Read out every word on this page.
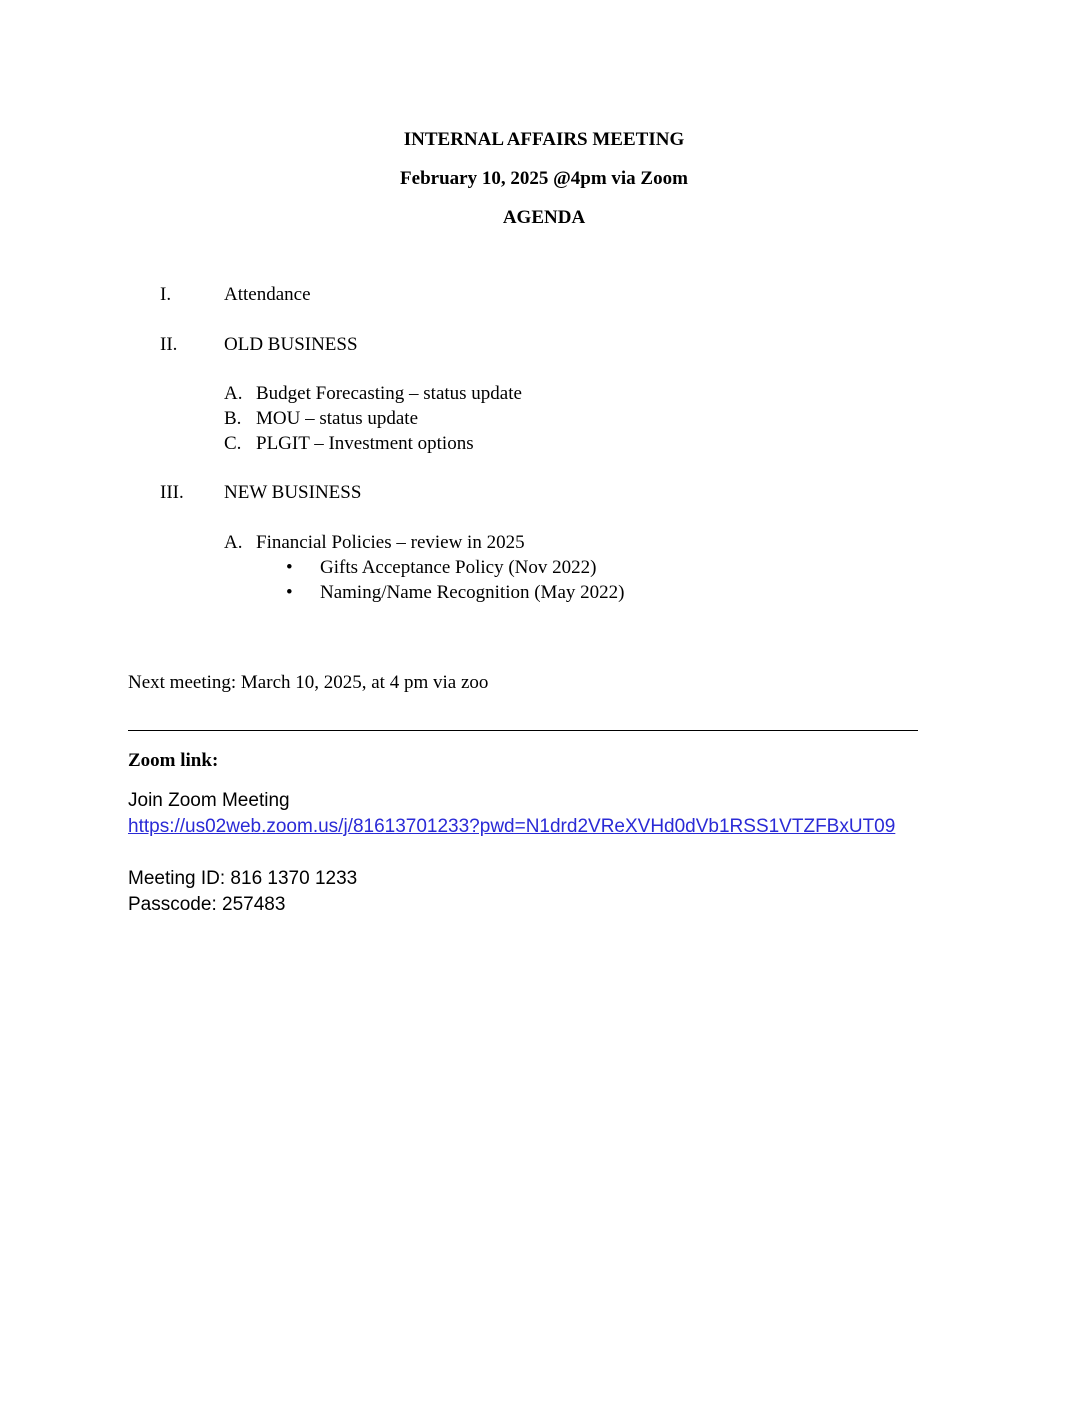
INTERNAL AFFAIRS MEETING
February 10, 2025 @4pm via Zoom
AGENDA
I.	Attendance
II. OLD BUSINESS
A. Budget Forecasting – status update
B. MOU – status update
C. PLGIT – Investment options
III. NEW BUSINESS
A. Financial Policies – review in 2025
• Gifts Acceptance Policy (Nov 2022)
• Naming/Name Recognition (May 2022)
Next meeting: March 10, 2025, at 4 pm via zoo
Zoom link:
Join Zoom Meeting
https://us02web.zoom.us/j/81613701233?pwd=N1drd2VReXVHd0dVb1RSS1VTZFBxUT09
Meeting ID: 816 1370 1233
Passcode: 257483
